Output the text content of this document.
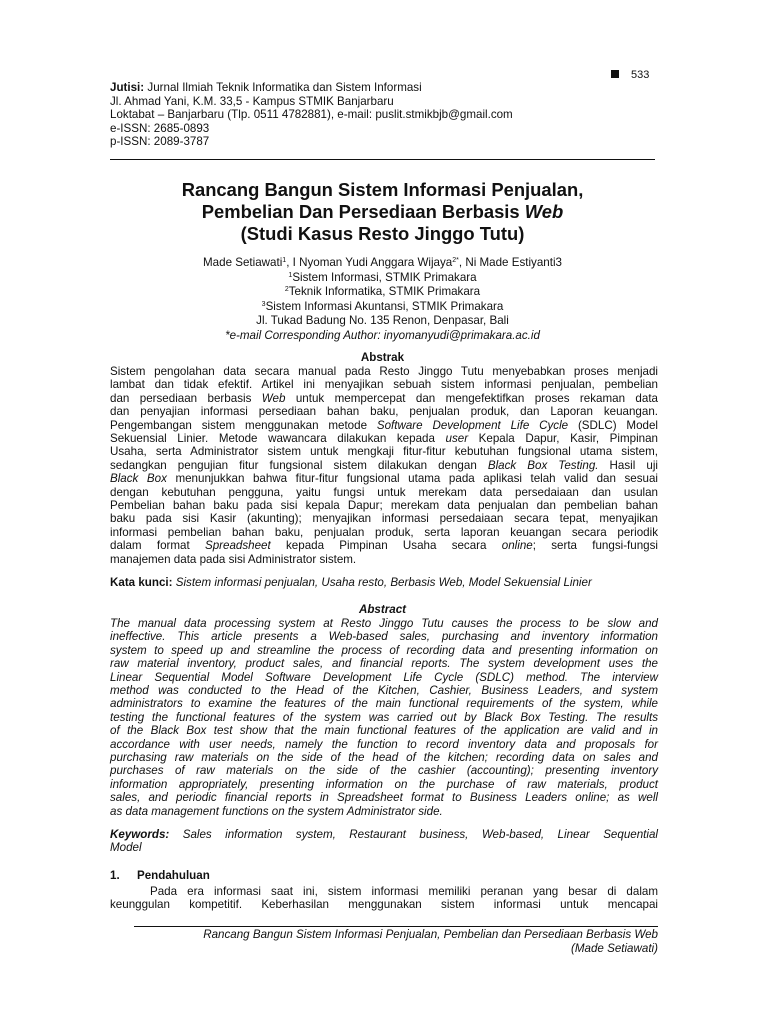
533
Jutisi: Jurnal Ilmiah Teknik Informatika dan Sistem Informasi
Jl. Ahmad Yani, K.M. 33,5 - Kampus STMIK Banjarbaru
Loktabat – Banjarbaru (Tlp. 0511 4782881), e-mail: puslit.stmikbjb@gmail.com
e-ISSN: 2685-0893
p-ISSN: 2089-3787
Rancang Bangun Sistem Informasi Penjualan,
Pembelian Dan Persediaan Berbasis Web
(Studi Kasus Resto Jinggo Tutu)
Made Setiawati$^1$, I Nyoman Yudi Anggara Wijaya$^{2*}$, Ni Made Estiyanti3
$^1$Sistem Informasi, STMIK Primakara
$^2$Teknik Informatika, STMIK Primakara
$^3$Sistem Informasi Akuntansi, STMIK Primakara
Jl. Tukad Badung No. 135 Renon, Denpasar, Bali
*e-mail Corresponding Author: inyomanyudi@primakara.ac.id
Abstrak
Sistem pengolahan data secara manual pada Resto Jinggo Tutu menyebabkan proses menjadi
lambat dan tidak efektif. Artikel ini menyajikan sebuah sistem informasi penjualan, pembelian
dan persediaan berbasis Web untuk mempercepat dan mengefektifkan proses rekaman data
dan penyajian informasi persediaan bahan baku, penjualan produk, dan Laporan keuangan.
Pengembangan sistem menggunakan metode Software Development Life Cycle (SDLC) Model
Sekuensial Linier. Metode wawancara dilakukan kepada user Kepala Dapur, Kasir, Pimpinan
Usaha, serta Administrator sistem untuk mengkaji fitur-fitur kebutuhan fungsional utama sistem,
sedangkan pengujian fitur fungsional sistem dilakukan dengan Black Box Testing. Hasil uji
Black Box menunjukkan bahwa fitur-fitur fungsional utama pada aplikasi telah valid dan sesuai
dengan kebutuhan pengguna, yaitu fungsi untuk merekam data persedaiaan dan usulan
Pembelian bahan baku pada sisi kepala Dapur; merekam data penjualan dan pembelian bahan
baku pada sisi Kasir (akunting); menyajikan informasi persedaiaan secara tepat, menyajikan
informasi pembelian bahan baku, penjualan produk, serta laporan keuangan secara periodik
dalam format Spreadsheet kepada Pimpinan Usaha secara online; serta fungsi-fungsi
manajemen data pada sisi Administrator sistem.
Kata kunci: Sistem informasi penjualan, Usaha resto, Berbasis Web, Model Sekuensial Linier
Abstract
The manual data processing system at Resto Jinggo Tutu causes the process to be slow and
ineffective. This article presents a Web-based sales, purchasing and inventory information
system to speed up and streamline the process of recording data and presenting information on
raw material inventory, product sales, and financial reports. The system development uses the
Linear Sequential Model Software Development Life Cycle (SDLC) method. The interview
method was conducted to the Head of the Kitchen, Cashier, Business Leaders, and system
administrators to examine the features of the main functional requirements of the system, while
testing the functional features of the system was carried out by Black Box Testing. The results
of the Black Box test show that the main functional features of the application are valid and in
accordance with user needs, namely the function to record inventory data and proposals for
purchasing raw materials on the side of the head of the kitchen; recording data on sales and
purchases of raw materials on the side of the cashier (accounting); presenting inventory
information appropriately, presenting information on the purchase of raw materials, product
sales, and periodic financial reports in Spreadsheet format to Business Leaders online; as well
as data management functions on the system Administrator side.
Keywords: Sales information system, Restaurant business, Web-based, Linear Sequential
Model
1. Pendahuluan
Pada era informasi saat ini, sistem informasi memiliki peranan yang besar di dalam
keunggulan kompetitif. Keberhasilan menggunakan sistem informasi untuk mencapai
Rancang Bangun Sistem Informasi Penjualan, Pembelian dan Persediaan Berbasis Web
(Made Setiawati)
